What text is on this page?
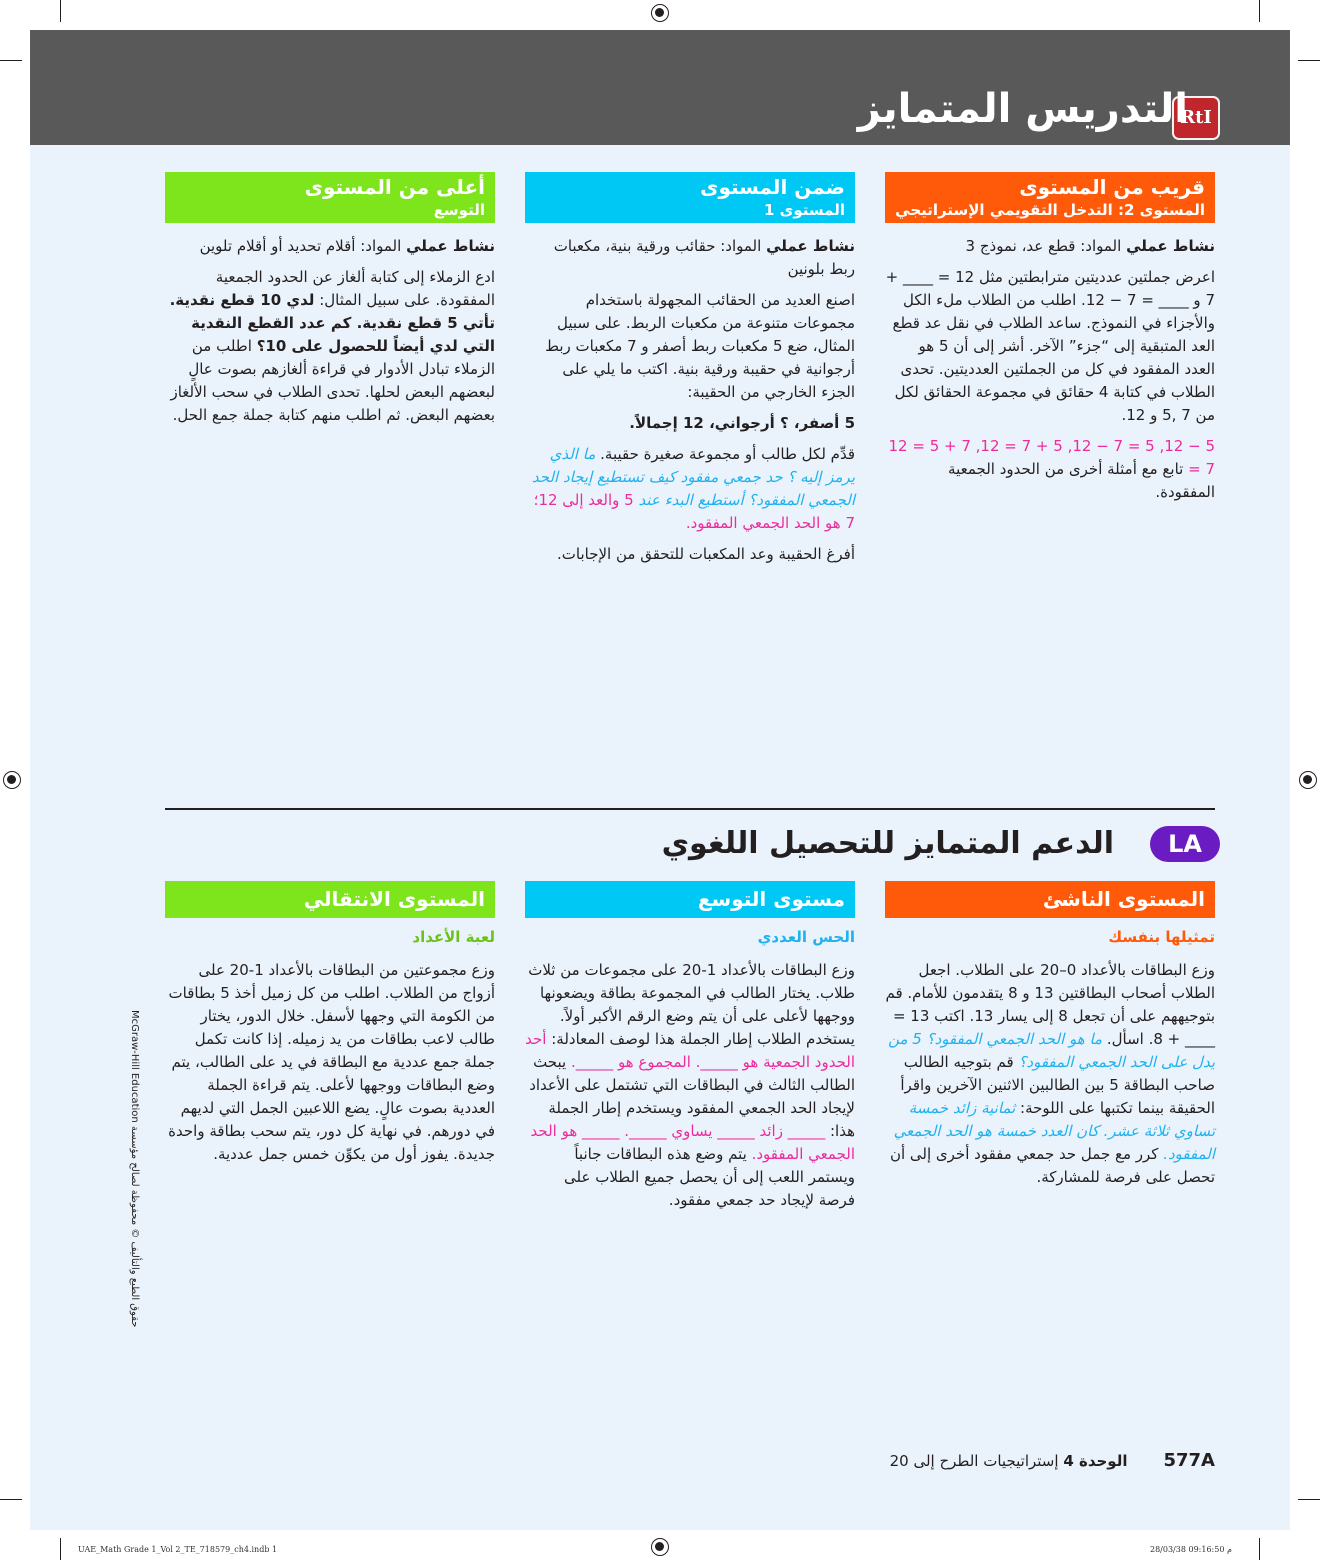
RtI
التدريس المتمايز
قريب من المستوى
المستوى 2: التدخل التقويمي الإستراتيجي

نشاط عملي المواد: قطع عد، نموذج 3

اعرض جملتين عدديتين مترابطتين مثل 12 = ____ + 7 و ____ = 7 − 12. اطلب من الطلاب ملء الكل والأجزاء في النموذج. ساعد الطلاب في نقل عد قطع العد المتبقية إلى “جزء” الآخر. أشر إلى أن 5 هو العدد المفقود في كل من الجملتين العدديتين. تحدى الطلاب في كتابة 4 حقائق في مجموعة الحقائق لكل من 7 ,5 و 12.

12 = 5 + 7 ,12 = 7 + 5 ,12 − 7 = 5 ,12 − 5 = 7 تابع مع أمثلة أخرى من الحدود الجمعية المفقودة.

ضمن المستوى
المستوى 1

نشاط عملي المواد: حقائب ورقية بنية، مكعبات ربط بلونين

اصنع العديد من الحقائب المجهولة باستخدام مجموعات متنوعة من مكعبات الربط. على سبيل المثال، ضع 5 مكعبات ربط أصفر و 7 مكعبات ربط أرجوانية في حقيبة ورقية بنية. اكتب ما يلي على الجزء الخارجي من الحقيبة:

5 أصفر، ؟ أرجواني، 12 إجمالاً.

قدِّم لكل طالب أو مجموعة صغيرة حقيبة. ما الذي يرمز إليه ؟ حد جمعي مفقود كيف تستطيع إيجاد الحد الجمعي المفقود؟ أستطيع البدء عند 5 والعد إلى 12؛ 7 هو الحد الجمعي المفقود.

أفرغ الحقيبة وعد المكعبات للتحقق من الإجابات.

أعلى من المستوى
التوسع

نشاط عملي المواد: أقلام تحديد أو أقلام تلوين

ادع الزملاء إلى كتابة ألغاز عن الحدود الجمعية المفقودة. على سبيل المثال: لدي 10 قطع نقدية. تأتي 5 قطع نقدية. كم عدد القطع النقدية التي لدي أيضاً للحصول على 10؟ اطلب من الزملاء تبادل الأدوار في قراءة ألغازهم بصوت عالٍ لبعضهم البعض لحلها. تحدى الطلاب في سحب الألغاز بعضهم البعض. ثم اطلب منهم كتابة جملة جمع الحل.

LA
الدعم المتمايز للتحصيل اللغوي
المستوى الناشئ
تمثيلها بنفسك

وزع البطاقات بالأعداد 0–20 على الطلاب. اجعل الطلاب أصحاب البطاقتين 13 و 8 يتقدمون للأمام. قم بتوجيههم على أن تجعل 8 إلى يسار 13. اكتب 13 = ____ + 8. اسأل. ما هو الحد الجمعي المفقود؟ 5 من يدل على الحد الجمعي المفقود؟ قم بتوجيه الطالب صاحب البطاقة 5 بين الطالبين الاثنين الآخرين واقرأ الحقيقة بينما تكتبها على اللوحة: ثمانية زائد خمسة تساوي ثلاثة عشر. كان العدد خمسة هو الحد الجمعي المفقود. كرر مع جمل حد جمعي مفقود أخرى إلى أن تحصل على فرصة للمشاركة.

مستوى التوسع
الحس العددي

وزع البطاقات بالأعداد 1-20 على مجموعات من ثلاث طلاب. يختار الطالب في المجموعة بطاقة ويضعونها ووجهها لأعلى على أن يتم وضع الرقم الأكبر أولاً. يستخدم الطلاب إطار الجملة هذا لوصف المعادلة: أحد الحدود الجمعية هو _____. المجموع هو _____. يبحث الطالب الثالث في البطاقات التي تشتمل على الأعداد لإيجاد الحد الجمعي المفقود ويستخدم إطار الجملة هذا: _____ زائد _____ يساوي _____. _____ هو الحد الجمعي المفقود. يتم وضع هذه البطاقات جانباً ويستمر اللعب إلى أن يحصل جميع الطلاب على فرصة لإيجاد حد جمعي مفقود.

المستوى الانتقالي
لعبة الأعداد

وزع مجموعتين من البطاقات بالأعداد 1-20 على أزواج من الطلاب. اطلب من كل زميل أخذ 5 بطاقات من الكومة التي وجهها لأسفل. خلال الدور، يختار طالب لاعب بطاقات من يد زميله. إذا كانت تكمل جملة جمع عددية مع البطاقة في يد على الطالب، يتم وضع البطاقات ووجهها لأعلى. يتم قراءة الجملة العددية بصوت عالٍ. يضع اللاعبين الجمل التي لديهم في دورهم. في نهاية كل دور، يتم سحب بطاقة واحدة جديدة. يفوز أول من يكوِّن خمس جمل عددية.

حقوق الطبع والتأليف © محفوظة لصالح مؤسسة McGraw-Hill Education
577Aالوحدة 4 إستراتيجيات الطرح إلى 20
UAE_Math Grade 1_Vol 2_TE_718579_ch4.indb 1	28/03/38 09:16:50 م
